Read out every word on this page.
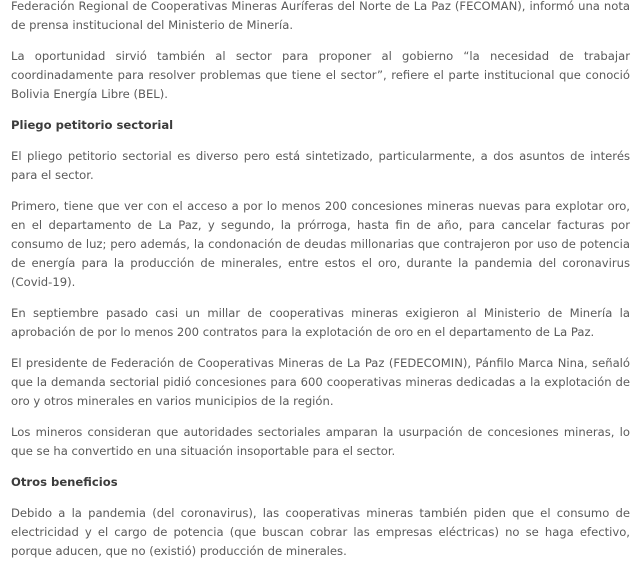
Federación Regional de Cooperativas Mineras Auríferas del Norte de La Paz (FECOMAN), informó una nota de prensa institucional del Ministerio de Minería.

La oportunidad sirvió también al sector para proponer al gobierno “la necesidad de trabajar coordinadamente para resolver problemas que tiene el sector”, refiere el parte institucional que conoció Bolivia Energía Libre (BEL).

Pliego petitorio sectorial

El pliego petitorio sectorial es diverso pero está sintetizado, particularmente, a dos asuntos de interés para el sector.

Primero, tiene que ver con el acceso a por lo menos 200 concesiones mineras nuevas para explotar oro, en el departamento de La Paz, y segundo, la prórroga, hasta fin de año, para cancelar facturas por consumo de luz; pero además, la condonación de deudas millonarias que contrajeron por uso de potencia de energía para la producción de minerales, entre estos el oro, durante la pandemia del coronavirus (Covid-19).

En septiembre pasado casi un millar de cooperativas mineras exigieron al Ministerio de Minería la aprobación de por lo menos 200 contratos para la explotación de oro en el departamento de La Paz.

El presidente de Federación de Cooperativas Mineras de La Paz (FEDECOMIN), Pánfilo Marca Nina, señaló que la demanda sectorial pidió concesiones para 600 cooperativas mineras dedicadas a la explotación de oro y otros minerales en varios municipios de la región.

Los mineros consideran que autoridades sectoriales amparan la usurpación de concesiones mineras, lo que se ha convertido en una situación insoportable para el sector.

Otros beneficios

Debido a la pandemia (del coronavirus), las cooperativas mineras también piden que el consumo de electricidad y el cargo de potencia (que buscan cobrar las empresas eléctricas) no se haga efectivo, porque aducen, que no (existió) producción de minerales.
